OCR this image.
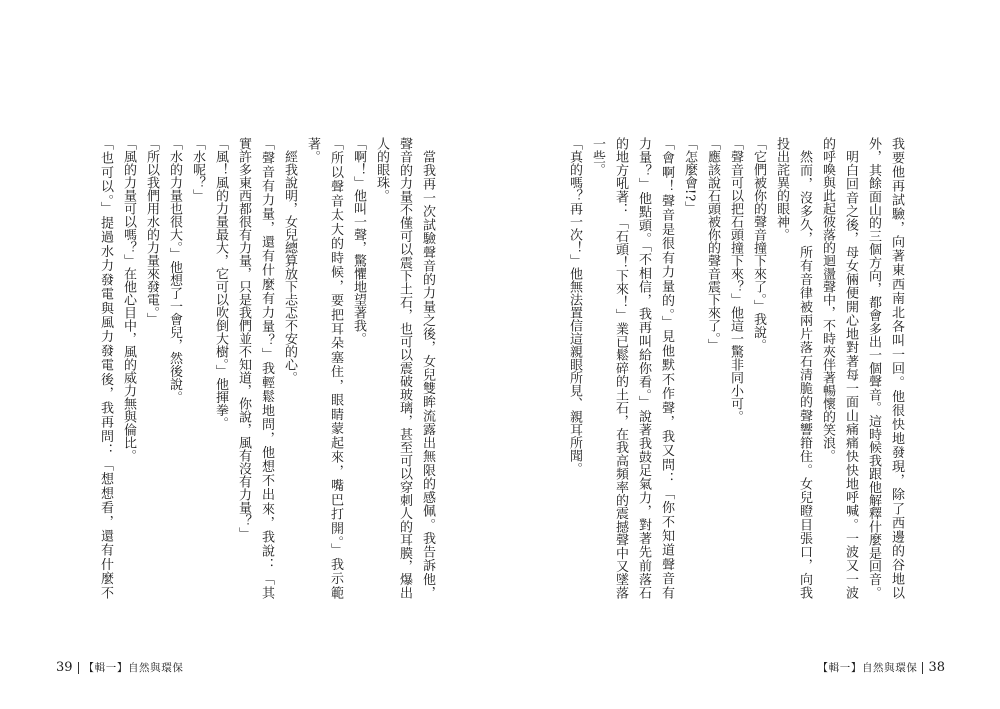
我要他再試驗，向著東西南北各叫一回。他很快地發現，除了西邊的谷地以
外，其餘面山的三個方向，都會多出一個聲音。這時候我跟他解釋什麼是回音。
明白回音之後，母女倆便開心地對著每一面山痛痛快快地呼喊。一波又一波
的呼喚與此起彼落的迴盪聲中，不時夾伴著暢懷的笑浪。
然而，沒多久，所有音律被兩片落石清脆的聲響箝住。女兒瞪目張口，向我
投出詫異的眼神。
「它們被你的聲音撞下來了。」我說。
「聲音可以把石頭撞下來？」他這一驚非同小可。
「應該說石頭被你的聲音震下來了。」
「怎麼會!?」
「會啊！聲音是很有力量的。」見他默不作聲，我又問：「你不知道聲音有
力量？」他點頭。「不相信，我再叫給你看。」說著我鼓足氣力，對著先前落石
的地方吼著：「石頭！下來！」業已鬆碎的土石，在我高頻率的震撼聲中又墜落
一些。
「真的嗎？再一次！」他無法置信這親眼所見、親耳所聞。
【輯一】自然與環保 38
當我再一次試驗聲音的力量之後，女兒雙眸流露出無限的感佩。我告訴他，
聲音的力量不僅可以震下土石，也可以震破玻璃，甚至可以穿刺人的耳膜，爆出
人的眼珠。
「啊！」他叫一聲，驚懼地望著我。
「所以聲音太大的時候，要把耳朵塞住，眼睛蒙起來，嘴巴打開。」我示範
著。
經我說明，女兒總算放下忐忑不安的心。
「聲音有力量，還有什麼有力量？」我輕鬆地問，他想不出來，我說：「其
實許多東西都很有力量，只是我們並不知道，你說，風有沒有力量？」
「風！風的力量最大，它可以吹倒大樹。」他揮拳。
「水呢？」
「水的力量也很大。」他想了一會兒，然後說。
「所以我們用水的力量來發電。」
「風的力量可以嗎？」在他心目中，風的威力無與倫比。
「也可以。」提過水力發電與風力發電後，我再問：「想想看，還有什麼不
39 【輯一】自然與環保
